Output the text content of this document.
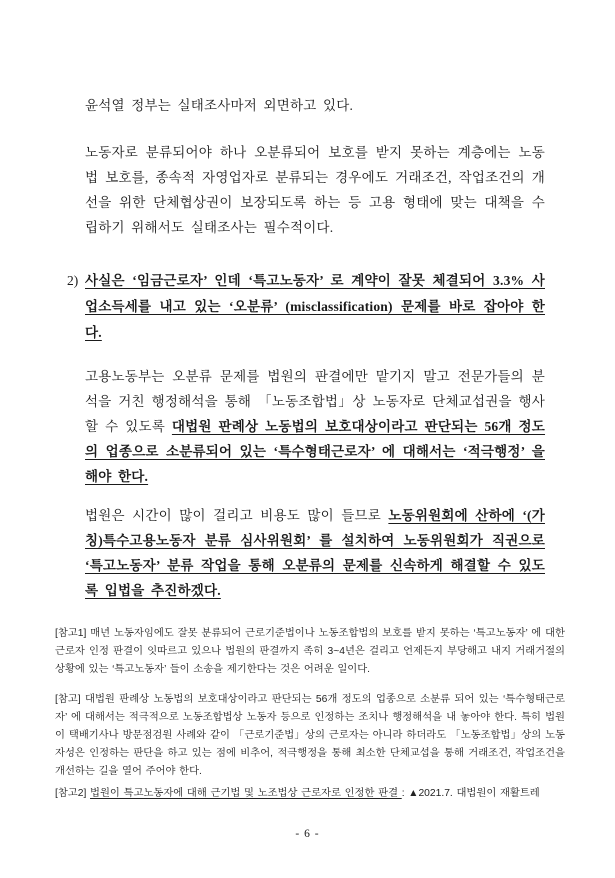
윤석열 정부는 실태조사마저 외면하고 있다.

노동자로 분류되어야 하나 오분류되어 보호를 받지 못하는 계층에는 노동법 보호를, 종속적 자영업자로 분류되는 경우에도 거래조건, 작업조건의 개선을 위한 단체협상권이 보장되도록 하는 등 고용 형태에 맞는 대책을 수립하기 위해서도 실태조사는 필수적이다.

2) 사실은 ‘임금근로자’ 인데 ‘특고노동자’ 로 계약이 잘못 체결되어 3.3% 사업소득세를 내고 있는 ‘오분류’ (misclassification) 문제를 바로 잡아야 한다.

고용노동부는 오분류 문제를 법원의 판결에만 맡기지 말고 전문가들의 분석을 거친 행정해석을 통해 「노동조합법」상 노동자로 단체교섭권을 행사할 수 있도록 대법원 판례상 노동법의 보호대상이라고 판단되는 56개 정도의 업종으로 소분류되어 있는 ‘특수형태근로자’ 에 대해서는 ‘적극행정’ 을 해야 한다.

법원은 시간이 많이 걸리고 비용도 많이 들므로 노동위원회에 산하에 ‘(가칭)특수고용노동자 분류 심사위원회’ 를 설치하여 노동위원회가 직권으로 ‘특고노동자’ 분류 작업을 통해 오분류의 문제를 신속하게 해결할 수 있도록 입법을 추진하겠다.

[참고1] 매년 노동자임에도 잘못 분류되어 근로기준법이나 노동조합법의 보호를 받지 못하는 ‘특고노동자’ 에 대한 근로자 인정 판결이 잇따르고 있으나 법원의 판결까지 족히 3~4년은 걸리고 언제든지 부당해고 내지 거래거절의 상황에 있는 ‘특고노동자’ 들이 소송을 제기한다는 것은 어려운 일이다.

[참고] 대법원 판례상 노동법의 보호대상이라고 판단되는 56개 정도의 업종으로 소분류 되어 있는 ‘특수형태근로자’ 에 대해서는 적극적으로 노동조합법상 노동자 등으로 인정하는 조치나 행정해석을 내 놓아야 한다. 특히 법원이 택배기사나 방문점검원 사례와 같이 「근로기준법」상의 근로자는 아니라 하더라도 「노동조합법」상의 노동자성은 인정하는 판단을 하고 있는 점에 비추어, 적극행정을 통해 최소한 단체교섭을 통해 거래조건, 작업조건을 개선하는 길을 열어 주어야 한다.

[참고2] 법원이 특고노동자에 대해 근기법 및 노조법상 근로자로 인정한 판결 : ▲2021.7. 대법원이 재활트레

- 6 -
